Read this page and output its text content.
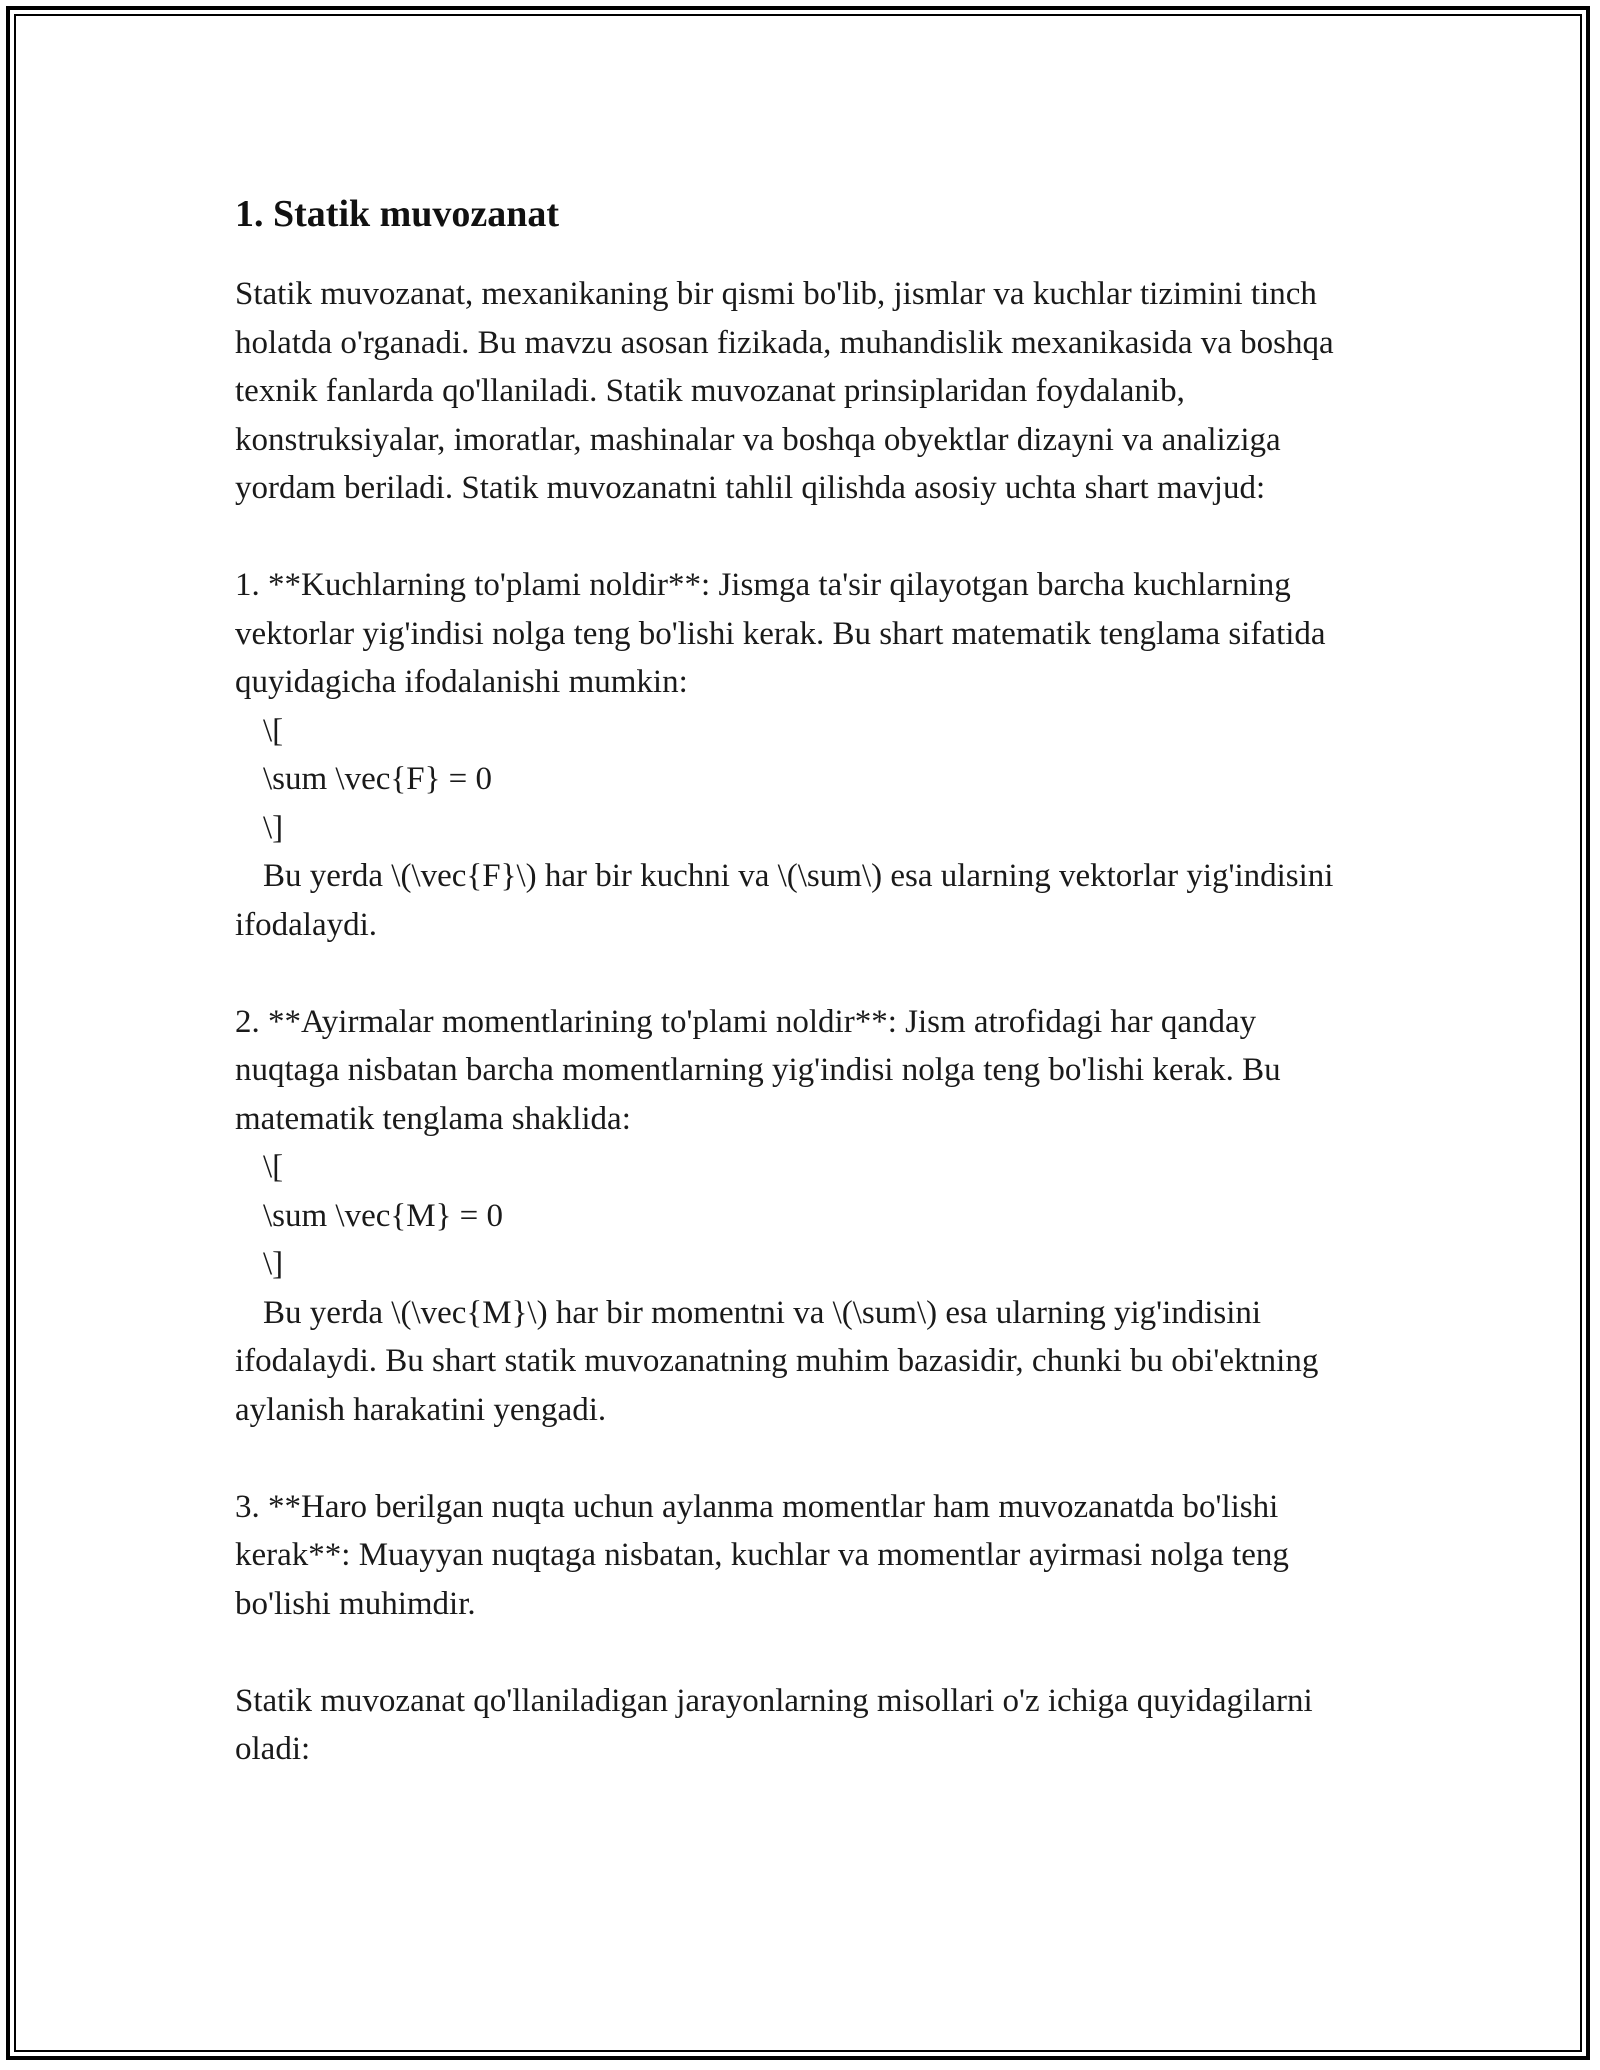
1. Statik muvozanat

Statik muvozanat, mexanikaning bir qismi bo'lib, jismlar va kuchlar tizimini tinch holatda o'rganadi. Bu mavzu asosan fizikada, muhandislik mexanikasida va boshqa texnik fanlarda qo'llaniladi. Statik muvozanat prinsiplaridan foydalanib, konstruksiyalar, imoratlar, mashinalar va boshqa obyektlar dizayni va analiziga yordam beriladi. Statik muvozanatni tahlil qilishda asosiy uchta shart mavjud:

1. **Kuchlarning to'plami noldir**: Jismga ta'sir qilayotgan barcha kuchlarning vektorlar yig'indisi nolga teng bo'lishi kerak. Bu shart matematik tenglama sifatida quyidagicha ifodalanishi mumkin:

\[

\sum \vec{F} = 0

\]

Bu yerda \(\vec{F}\) har bir kuchni va \(\sum\) esa ularning vektorlar yig'indisini ifodalaydi.

2. **Ayirmalar momentlarining to'plami noldir**: Jism atrofidagi har qanday nuqtaga nisbatan barcha momentlarning yig'indisi nolga teng bo'lishi kerak. Bu matematik tenglama shaklida:

\[

\sum \vec{M} = 0

\]

Bu yerda \(\vec{M}\) har bir momentni va \(\sum\) esa ularning yig'indisini ifodalaydi. Bu shart statik muvozanatning muhim bazasidir, chunki bu obi'ektning aylanish harakatini yengadi.

3. **Haro berilgan nuqta uchun aylanma momentlar ham muvozanatda bo'lishi kerak**: Muayyan nuqtaga nisbatan, kuchlar va momentlar ayirmasi nolga teng bo'lishi muhimdir.

Statik muvozanat qo'llaniladigan jarayonlarning misollari o'z ichiga quyidagilarni oladi:
